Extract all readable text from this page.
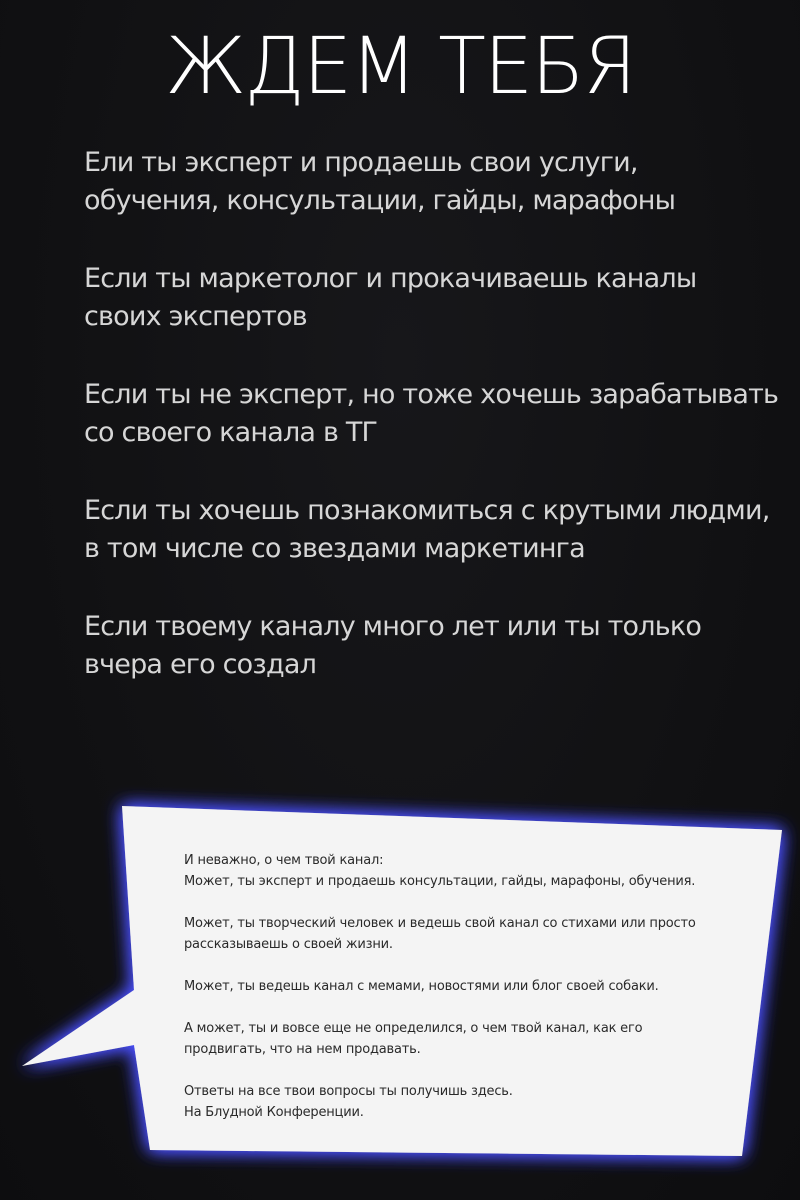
ЖДЕМ ТЕБЯ
Ели ты эксперт и продаешь свои услуги,
обучения, консультации, гайды, марафоны
Если ты маркетолог и прокачиваешь каналы
своих экспертов
Если ты не эксперт, но тоже хочешь зарабатывать
со своего канала в ТГ
Если ты хочешь познакомиться с крутыми людми,
в том числе со звездами маркетинга
Если твоему каналу много лет или ты только
вчера его создал

И неважно, о чем твой канал:
Может, ты эксперт и продаешь консультации, гайды, марафоны, обучения.

Может, ты творческий человек и ведешь свой канал со стихами или просто
рассказываешь о своей жизни.

Может, ты ведешь канал с мемами, новостями или блог своей собаки.

А может, ты и вовсе еще не определился, о чем твой канал, как его
продвигать, что на нем продавать.

Ответы на все твои вопросы ты получишь здесь.
На Блудной Конференции.
